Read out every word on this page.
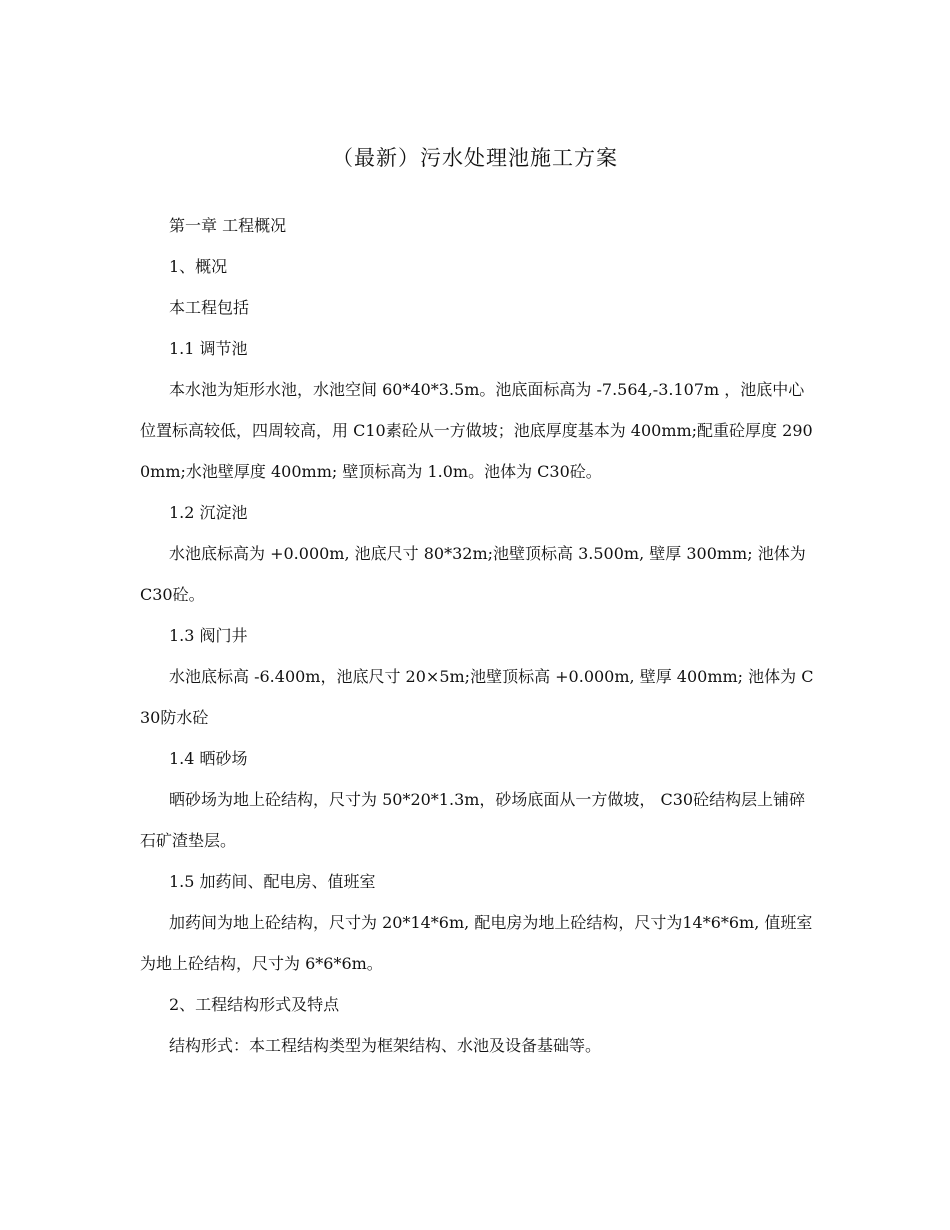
（最新）污水处理池施工方案

第一章 工程概况

1、概况

本工程包括

1.1 调节池

本水池为矩形水池，水池空间 60*40*3.5m。池底面标高为 -7.564,-3.107m ，池底中心位置标高较低，四周较高，用 C10素砼从一方做坡；池底厚度基本为 400mm;配重砼厚度 2900mm;水池壁厚度 400mm; 壁顶标高为 1.0m。池体为 C30砼。

1.2 沉淀池

水池底标高为 +0.000m, 池底尺寸 80*32m;池壁顶标高 3.500m, 壁厚 300mm; 池体为 C30砼。

1.3 阀门井

水池底标高 -6.400m，池底尺寸 20×5m;池壁顶标高 +0.000m, 壁厚 400mm; 池体为 C30防水砼

1.4 晒砂场

晒砂场为地上砼结构，尺寸为 50*20*1.3m，砂场底面从一方做坡， C30砼结构层上铺碎石矿渣垫层。

1.5 加药间、配电房、值班室

加药间为地上砼结构，尺寸为 20*14*6m, 配电房为地上砼结构，尺寸为14*6*6m, 值班室为地上砼结构，尺寸为 6*6*6m。

2、工程结构形式及特点

结构形式：本工程结构类型为框架结构、水池及设备基础等。
